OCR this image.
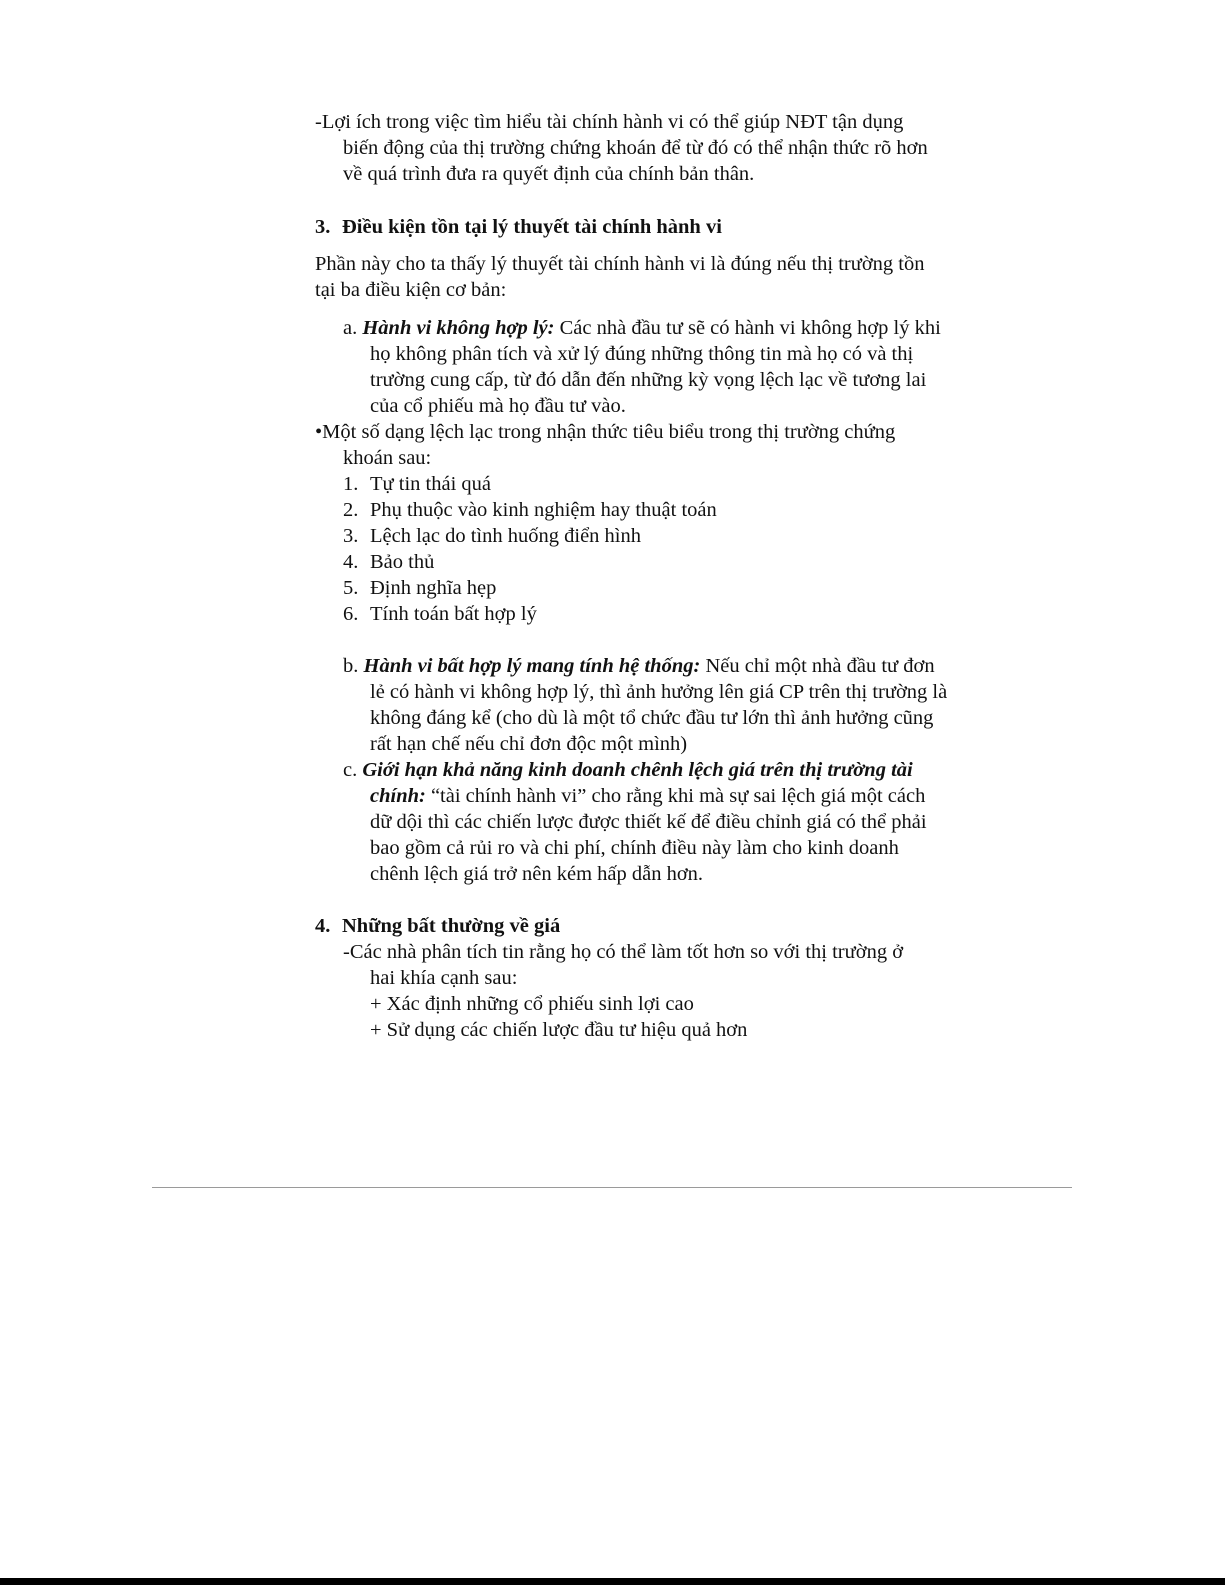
-Lợi ích trong việc tìm hiểu tài chính hành vi có thể giúp NĐT tận dụng
biến động của thị trường chứng khoán để từ đó có thể nhận thức rõ hơn
về quá trình đưa ra quyết định của chính bản thân.
3. Điều kiện tồn tại lý thuyết tài chính hành vi
Phần này cho ta thấy lý thuyết tài chính hành vi là đúng nếu thị trường tồn
tại ba điều kiện cơ bản:
a. Hành vi không hợp lý: Các nhà đầu tư sẽ có hành vi không hợp lý khi
họ không phân tích và xử lý đúng những thông tin mà họ có và thị
trường cung cấp, từ đó dẫn đến những kỳ vọng lệch lạc về tương lai
của cổ phiếu mà họ đầu tư vào.
•Một số dạng lệch lạc trong nhận thức tiêu biểu trong thị trường chứng
khoán sau:
1. Tự tin thái quá
2. Phụ thuộc vào kinh nghiệm hay thuật toán
3. Lệch lạc do tình huống điển hình
4. Bảo thủ
5. Định nghĩa hẹp
6. Tính toán bất hợp lý
b. Hành vi bất hợp lý mang tính hệ thống: Nếu chỉ một nhà đầu tư đơn
lẻ có hành vi không hợp lý, thì ảnh hưởng lên giá CP trên thị trường là
không đáng kể (cho dù là một tổ chức đầu tư lớn thì ảnh hưởng cũng
rất hạn chế nếu chỉ đơn độc một mình)
c. Giới hạn khả năng kinh doanh chênh lệch giá trên thị trường tài
chính: “tài chính hành vi” cho rằng khi mà sự sai lệch giá một cách
dữ dội thì các chiến lược được thiết kế để điều chỉnh giá có thể phải
bao gồm cả rủi ro và chi phí, chính điều này làm cho kinh doanh
chênh lệch giá trở nên kém hấp dẫn hơn.
4. Những bất thường về giá
-Các nhà phân tích tin rằng họ có thể làm tốt hơn so với thị trường ở
hai khía cạnh sau:
+ Xác định những cổ phiếu sinh lợi cao
+ Sử dụng các chiến lược đầu tư hiệu quả hơn
